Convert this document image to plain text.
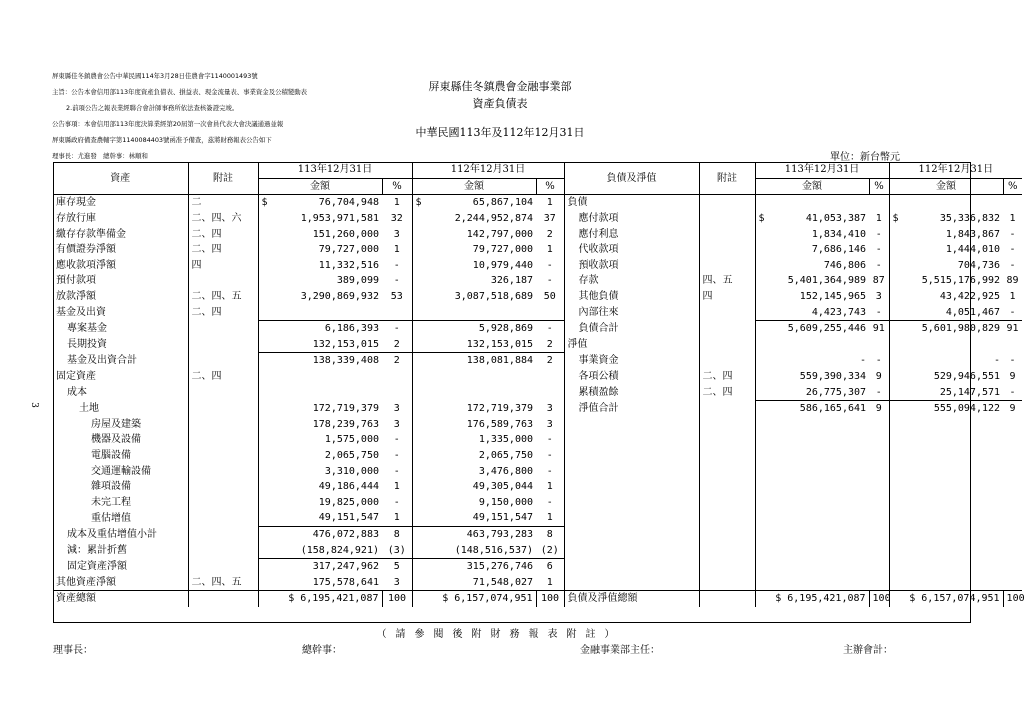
屏東縣佳冬鎮農會公告中華民國114年3月28日佳農會字1140001493號
主旨：公告本會信用部113年度資產負債表、損益表、現金流量表、事業資金及公積變動表
2.前項公告之報表業經聯合會計師事務所依法查核簽證完竣。
公告事項：本會信用部113年度決算業經第20屆第一次會員代表大會決議通過並報
屏東縣政府備查農輔字第1140084403號函准予備查，茲將財務報表公告如下
理事長：尤進發　總幹事：林順和
屏東縣佳冬鎮農會金融事業部
資產負債表
中華民國113年及112年12月31日
單位：新台幣元
3
資產	附註	113年12月31日		112年12月31日		負債及淨值	附註	113年12月31日		112年12月31日	
		金額	%	金額	%			金額	%	金額	%
庫存現金	二	$ 76,704,948	1	$ 65,867,104	1	負債					
存放行庫	二、四、六	1,953,971,581	32	2,244,952,874	37	應付款項		$ 41,053,387	1	$ 35,336,832	1
繳存存款準備金	二、四	151,260,000	3	142,797,000	2	應付利息		1,834,410	-	1,843,867	-
有價證券淨額	二、四	79,727,000	1	79,727,000	1	代收款項		7,686,146	-	1,444,010	-
應收款項淨額	四	11,332,516	-	10,979,440	-	預收款項		746,806	-	704,736	-
預付款項		389,099	-	326,187	-	存款	四、五	5,401,364,989	87	5,515,176,992	89
放款淨額	二、四、五	3,290,869,932	53	3,087,518,689	50	其他負債	四	152,145,965	3	43,422,925	1
基金及出資	二、四					內部往來		4,423,743	-	4,051,467	-
專案基金		6,186,393	-	5,928,869	-	負債合計		5,609,255,446	91	5,601,980,829	91
長期投資		132,153,015	2	132,153,015	2	淨值					
基金及出資合計		138,339,408	2	138,081,884	2	事業資金		-	-	-	-
固定資產	二、四					各項公積	二、四	559,390,334	9	529,946,551	9
成本						累積盈餘	二、四	26,775,307	-	25,147,571	-
土地		172,719,379	3	172,719,379	3	淨值合計		586,165,641	9	555,094,122	9
房屋及建築		178,239,763	3	176,589,763	3						
機器及設備		1,575,000	-	1,335,000	-						
電腦設備		2,065,750	-	2,065,750	-						
交通運輸設備		3,310,000	-	3,476,800	-						
雜項設備		49,186,444	1	49,305,044	1						
未完工程		19,825,000	-	9,150,000	-						
重估增值		49,151,547	1	49,151,547	1						
成本及重估增值小計		476,072,883	8	463,793,283	8						
減：累計折舊		(158,824,921)	(3)	(148,516,537)	(2)						
固定資產淨額		317,247,962	5	315,276,746	6						
其他資產淨額	二、四、五	175,578,641	3	71,548,027	1						
資產總額		$ 6,195,421,087	100	$ 6,157,074,951	100	負債及淨值總額		$ 6,195,421,087	100	$ 6,157,074,951	100
（請參閱後附財務報表附註）
理事長：	總幹事：	金融事業部主任：	主辦會計：
